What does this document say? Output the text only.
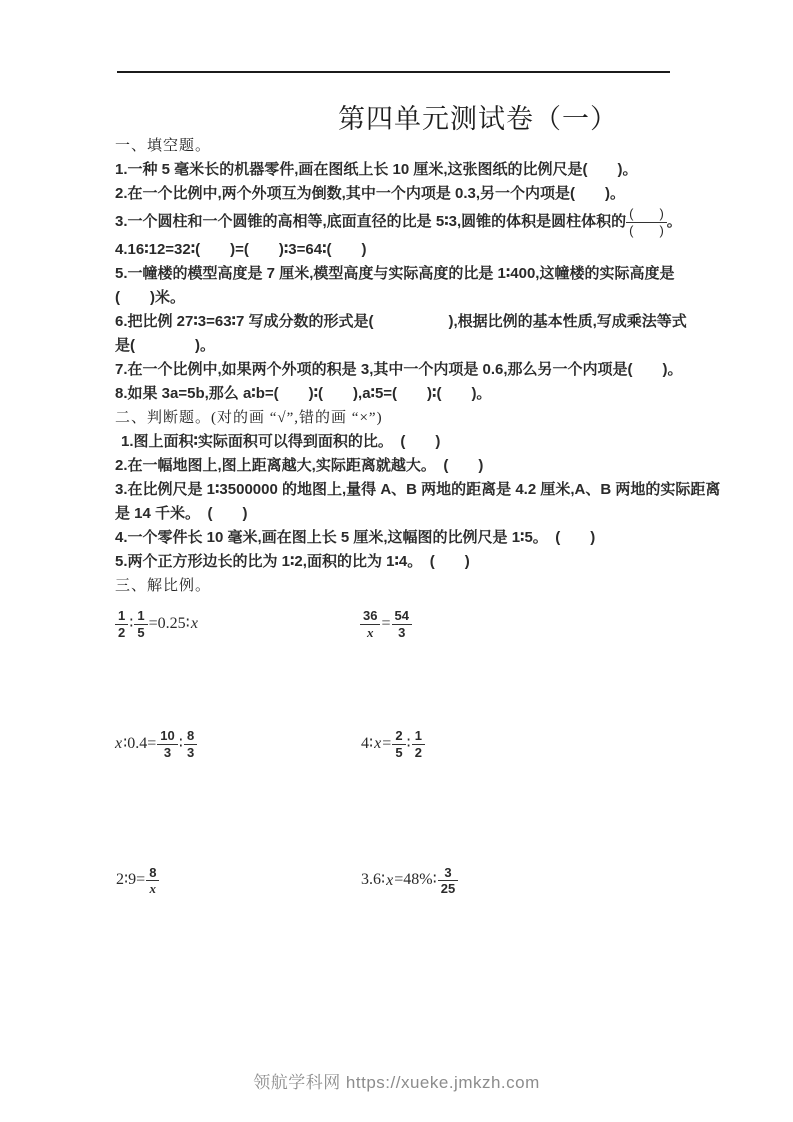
第四单元测试卷（一）

一、填空题。

1.一种 5 毫米长的机器零件,画在图纸上长 10 厘米,这张图纸的比例尺是(　　)。

2.在一个比例中,两个外项互为倒数,其中一个内项是 0.3,另一个内项是(　　)。

3.一个圆柱和一个圆锥的高相等,底面直径的比是 5∶3,圆锥的体积是圆柱体积的 $\frac{( )}{( )}$ 。

4.16∶12=32∶(　　)=(　　)∶3=64∶(　　)

5.一幢楼的模型高度是 7 厘米,模型高度与实际高度的比是 1∶400,这幢楼的实际高度是

(　　)米。

6.把比例 27∶3=63∶7 写成分数的形式是(　　　　　),根据比例的基本性质,写成乘法等式

是(　　　　)。

7.在一个比例中,如果两个外项的积是 3,其中一个内项是 0.6,那么另一个内项是(　　)。

8.如果 3a=5b,那么 a∶b=(　　)∶(　　),a∶5=(　　)∶(　　)。

二、判断题。(对的画 “√”,错的画 “×”)

1.图上面积∶实际面积可以得到面积的比。　(　　)

2.在一幅地图上,图上距离越大,实际距离就越大。　(　　)

3.在比例尺是 1∶3500000 的地图上,量得 A、B 两地的距离是 4.2 厘米,A、B 两地的实际距离

是 14 千米。　(　　)

4.一个零件长 10 毫米,画在图上长 5 厘米,这幅图的比例尺是 1∶5。　(　　)

5.两个正方形边长的比为 1∶2,面积的比为 1∶4。　(　　)

三、解比例。

$\frac{1}{2}$ ∶ $\frac{1}{5}$ =0.25∶x	$\frac{36}{x} = \frac{54}{3}$
x∶0.4= $\frac{10}{3}$ ∶ $\frac{8}{3}$	4∶x= $\frac{2}{5}$ ∶ $\frac{1}{2}$
2∶9= $\frac{8}{x}$	3.6∶x=48%∶ $\frac{3}{25}$
领航学科网 https://xueke.jmkzh.com
